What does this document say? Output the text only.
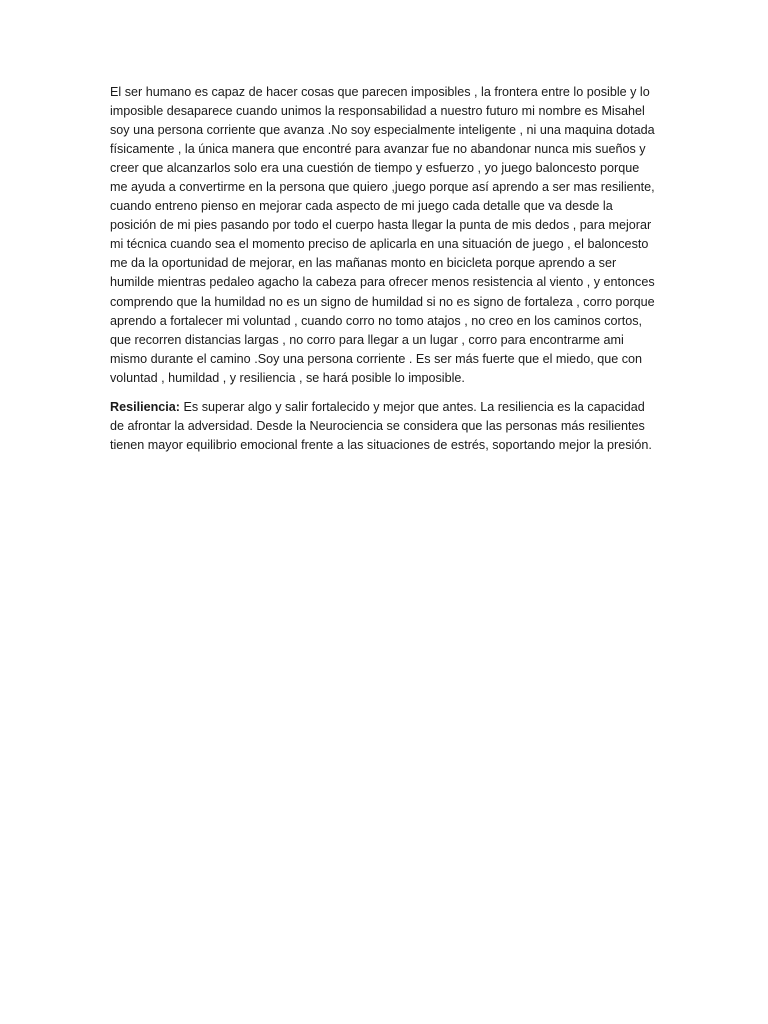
El ser humano es capaz de hacer cosas que parecen imposibles , la frontera entre lo posible y lo imposible desaparece cuando unimos la responsabilidad a nuestro futuro mi nombre es Misahel soy una persona corriente que avanza .No soy especialmente inteligente , ni una maquina dotada físicamente , la única manera que encontré para avanzar fue no abandonar nunca mis sueños y creer que alcanzarlos solo era una cuestión de tiempo y esfuerzo , yo juego baloncesto porque me ayuda a convertirme en la persona que quiero ,juego porque así aprendo a ser mas resiliente, cuando entreno pienso en mejorar cada aspecto de mi juego cada detalle que va desde la posición de mi pies pasando por todo el cuerpo hasta llegar la punta de mis dedos , para mejorar mi técnica cuando sea el momento preciso de aplicarla en una situación de juego , el baloncesto me da la oportunidad de mejorar, en las mañanas monto en bicicleta porque aprendo a ser humilde mientras pedaleo agacho la cabeza para ofrecer menos resistencia al viento , y entonces comprendo que la humildad no es un signo de humildad si no es signo de fortaleza , corro porque aprendo a fortalecer mi voluntad , cuando corro no tomo atajos , no creo en los caminos cortos, que recorren distancias largas , no corro para llegar a un lugar , corro para encontrarme ami mismo durante el camino .Soy una persona corriente . Es ser más fuerte que el miedo, que con voluntad , humildad , y resiliencia , se hará posible lo imposible.

Resiliencia: Es superar algo y salir fortalecido y mejor que antes. La resiliencia es la capacidad de afrontar la adversidad. Desde la Neurociencia se considera que las personas más resilientes tienen mayor equilibrio emocional frente a las situaciones de estrés, soportando mejor la presión.
